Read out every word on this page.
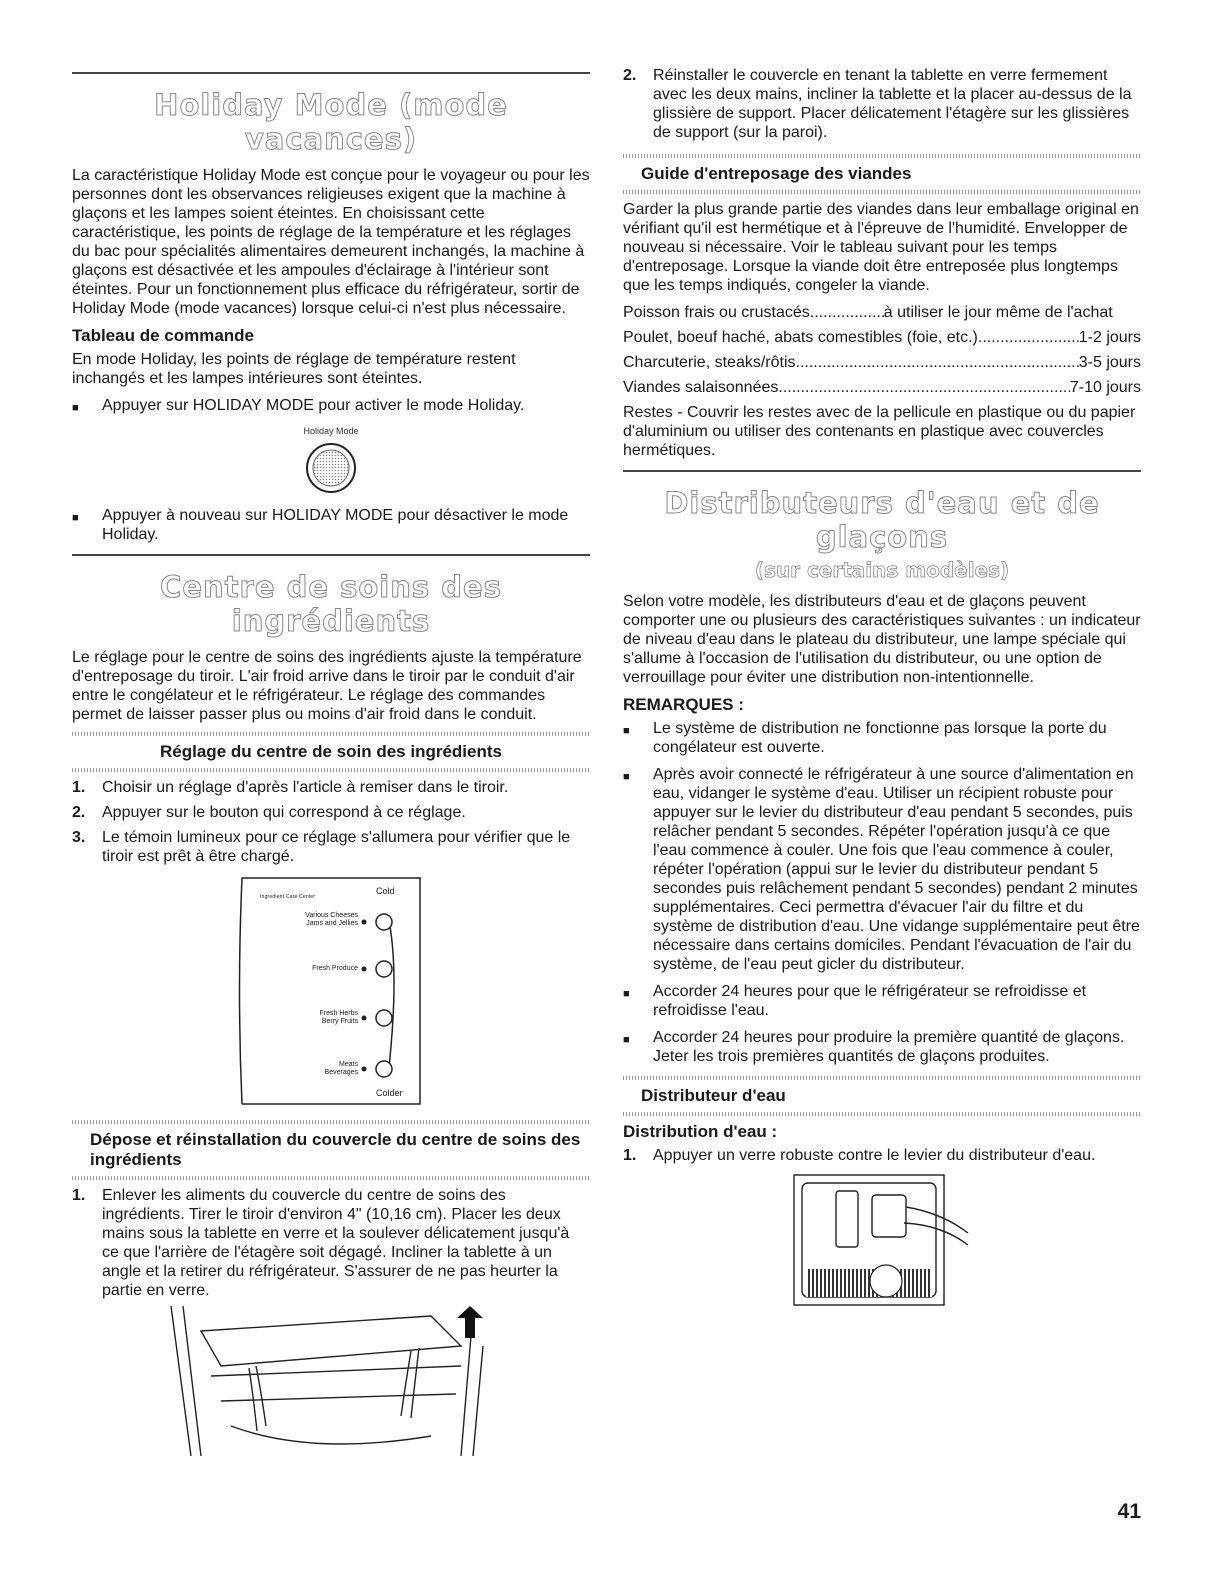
Holiday Mode (mode vacances)

La caractéristique Holiday Mode est conçue pour le voyageur ou pour les personnes dont les observances religieuses exigent que la machine à glaçons et les lampes soient éteintes. En choisissant cette caractéristique, les points de réglage de la température et les réglages du bac pour spécialités alimentaires demeurent inchangés, la machine à glaçons est désactivée et les ampoules d'éclairage à l'intérieur sont éteintes. Pour un fonctionnement plus efficace du réfrigérateur, sortir de Holiday Mode (mode vacances) lorsque celui-ci n'est plus nécessaire.

Tableau de commande

En mode Holiday, les points de réglage de température restent inchangés et les lampes intérieures sont éteintes.

■	Appuyer sur HOLIDAY MODE pour activer le mode Holiday.
Holiday Mode
■	Appuyer à nouveau sur HOLIDAY MODE pour désactiver le mode Holiday.
Centre de soins des ingrédients

Le réglage pour le centre de soins des ingrédients ajuste la température d'entreposage du tiroir. L'air froid arrive dans le tiroir par le conduit d'air entre le congélateur et le réfrigérateur. Le réglage des commandes permet de laisser passer plus ou moins d'air froid dans le conduit.

Réglage du centre de soin des ingrédients
1.	Choisir un réglage d'après l'article à remiser dans le tiroir.
2.	Appuyer sur le bouton qui correspond à ce réglage.
3.	Le témoin lumineux pour ce réglage s'allumera pour vérifier que le tiroir est prêt à être chargé.
Cold
Ingredient Care Center
Various Cheeses
Jams and Jellies
Fresh Produce
Fresh Herbs
Berry Fruits
Meats
Beverages
Colder
Dépose et réinstallation du couvercle du centre de soins des ingrédients
1.	Enlever les aliments du couvercle du centre de soins des ingrédients. Tirer le tiroir d'environ 4" (10,16 cm). Placer les deux mains sous la tablette en verre et la soulever délicatement jusqu'à ce que l'arrière de l'étagère soit dégagé. Incliner la tablette à un angle et la retirer du réfrigérateur. S'assurer de ne pas heurter la partie en verre.
2.	Réinstaller le couvercle en tenant la tablette en verre fermement avec les deux mains, incliner la tablette et la placer au-dessus de la glissière de support. Placer délicatement l'étagère sur les glissières de support (sur la paroi).
Guide d'entreposage des viandes

Garder la plus grande partie des viandes dans leur emballage original en vérifiant qu'il est hermétique et à l'épreuve de l'humidité. Envelopper de nouveau si nécessaire. Voir le tableau suivant pour les temps d'entreposage. Lorsque la viande doit être entreposée plus longtemps que les temps indiqués, congeler la viande.

Poisson frais ou crustacés .....	à utiliser le jour même de l'achat
Poulet, boeuf haché, abats comestibles (foie, etc.) .....	1-2 jours
Charcuterie, steaks/rôtis .....	3-5 jours
Viandes salaisonnées .....	7-10 jours

Restes - Couvrir les restes avec de la pellicule en plastique ou du papier d'aluminium ou utiliser des contenants en plastique avec couvercles hermétiques.

Distributeurs d'eau et de glaçons
(sur certains modèles)

Selon votre modèle, les distributeurs d'eau et de glaçons peuvent comporter une ou plusieurs des caractéristiques suivantes : un indicateur de niveau d'eau dans le plateau du distributeur, une lampe spéciale qui s'allume à l'occasion de l'utilisation du distributeur, ou une option de verrouillage pour éviter une distribution non-intentionnelle.

REMARQUES :
■	Le système de distribution ne fonctionne pas lorsque la porte du congélateur est ouverte.
■	Après avoir connecté le réfrigérateur à une source d'alimentation en eau, vidanger le système d'eau. Utiliser un récipient robuste pour appuyer sur le levier du distributeur d'eau pendant 5 secondes, puis relâcher pendant 5 secondes. Répéter l'opération jusqu'à ce que l'eau commence à couler. Une fois que l'eau commence à couler, répéter l'opération (appui sur le levier du distributeur pendant 5 secondes puis relâchement pendant 5 secondes) pendant 2 minutes supplémentaires. Ceci permettra d'évacuer l'air du filtre et du système de distribution d'eau. Une vidange supplémentaire peut être nécessaire dans certains domiciles. Pendant l'évacuation de l'air du système, de l'eau peut gicler du distributeur.
■	Accorder 24 heures pour que le réfrigérateur se refroidisse et refroidisse l'eau.
■	Accorder 24 heures pour produire la première quantité de glaçons. Jeter les trois premières quantités de glaçons produites.
Distributeur d'eau
Distribution d'eau :
1.	Appuyer un verre robuste contre le levier du distributeur d'eau.
41
